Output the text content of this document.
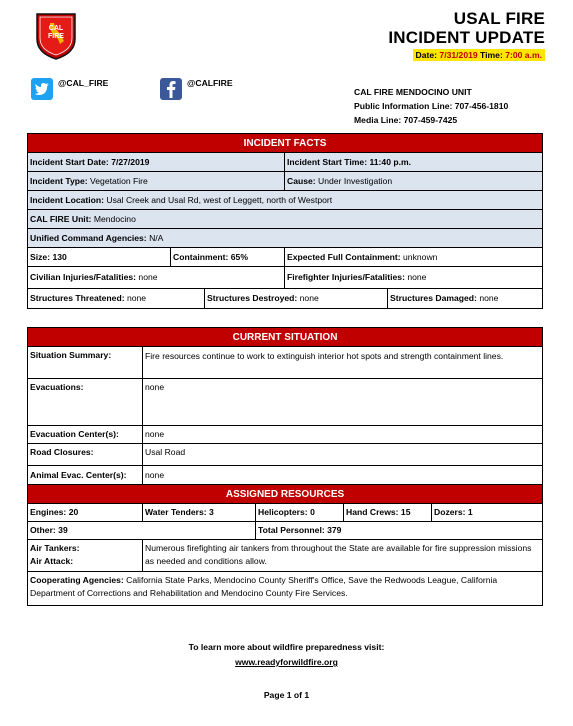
CAL
FIRE
USAL FIRE
INCIDENT UPDATE
Date: 7/31/2019 Time: 7:00 a.m.
@CAL_FIRE	@CALFIRE
CAL FIRE MENDOCINO UNIT
Public Information Line: 707-456-1810
Media Line: 707-459-7425
INCIDENT FACTS				
Incident Start Date: 7/27/2019			Incident Start Time: 11:40 p.m.	
Incident Type: Vegetation Fire			Cause: Under Investigation	
Incident Location: Usal Creek and Usal Rd, west of Leggett, north of Westport				
CAL FIRE Unit: Mendocino				
Unified Command Agencies: N/A				
Size: 130	Containment: 65%		Expected Full Containment: unknown	
Civilian Injuries/Fatalities: none			Firefighter Injuries/Fatalities: none	
Structures Threatened: none		Structures Destroyed: none		Structures Damaged: none
CURRENT SITUATION				
Situation Summary:	Fire resources continue to work to extinguish interior hot spots and strength containment lines.			
Evacuations:	none			
Evacuation Center(s):	none			
Road Closures:	Usal Road			
Animal Evac. Center(s):	none			
ASSIGNED RESOURCES				
Engines: 20	Water Tenders: 3	Helicopters: 0	Hand Crews: 15	Dozers: 1
Other: 39		Total Personnel: 379		
Air Tankers:
Air Attack:	Numerous firefighting air tankers from throughout the State are available for fire suppression missions as needed and conditions allow.			
Cooperating Agencies: California State Parks, Mendocino County Sheriff's Office, Save the Redwoods League, California Department of Corrections and Rehabilitation and Mendocino County Fire Services.				
To learn more about wildfire preparedness visit:
www.readyforwildfire.org
Page 1 of 1
